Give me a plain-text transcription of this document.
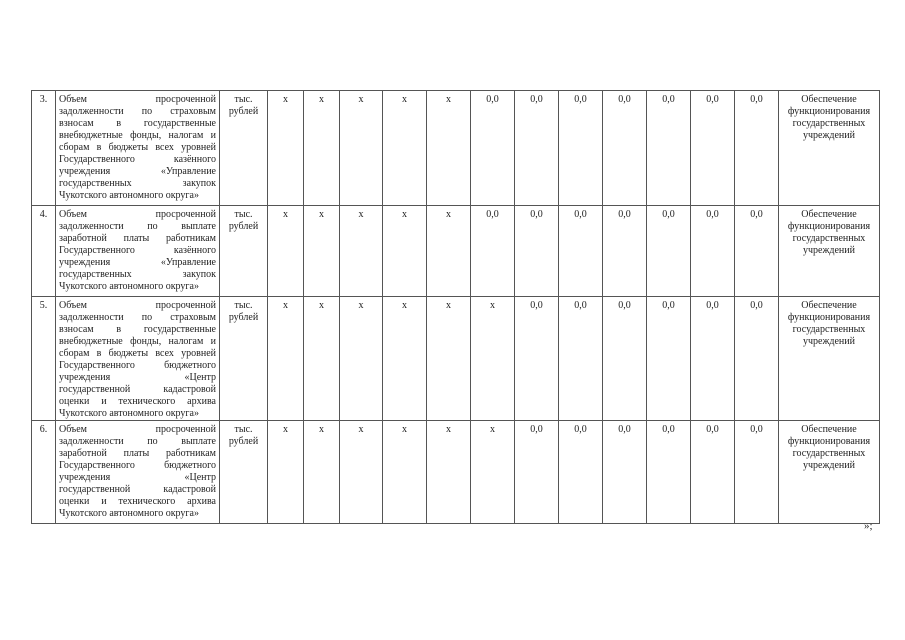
3.	Объем просроченной задолженности по страховым взносам в государственные внебюджетные фонды, налогам и сборам в бюджеты всех уровней Государственного казённого учреждения «Управление государственных закупок Чукотского автономного округа»	тыс. рублей	х	х	х	х	х	0,0	0,0	0,0	0,0	0,0	0,0	0,0	Обеспечение функционирования государственных учреждений
4.	Объем просроченной задолженности по выплате заработной платы работникам Государственного казённого учреждения «Управление государственных закупок Чукотского автономного округа»	тыс. рублей	х	х	х	х	х	0,0	0,0	0,0	0,0	0,0	0,0	0,0	Обеспечение функционирования государственных учреждений
5.	Объем просроченной задолженности по страховым взносам в государственные внебюджетные фонды, налогам и сборам в бюджеты всех уровней Государственного бюджетного учреждения «Центр государственной кадастровой оценки и технического архива Чукотского автономного округа»	тыс. рублей	х	х	х	х	х	х	0,0	0,0	0,0	0,0	0,0	0,0	Обеспечение функционирования государственных учреждений
6.	Объем просроченной задолженности по выплате заработной платы работникам Государственного бюджетного учреждения «Центр государственной кадастровой оценки и технического архива Чукотского автономного округа»	тыс. рублей	х	х	х	х	х	х	0,0	0,0	0,0	0,0	0,0	0,0	Обеспечение функционирования государственных учреждений
»;
